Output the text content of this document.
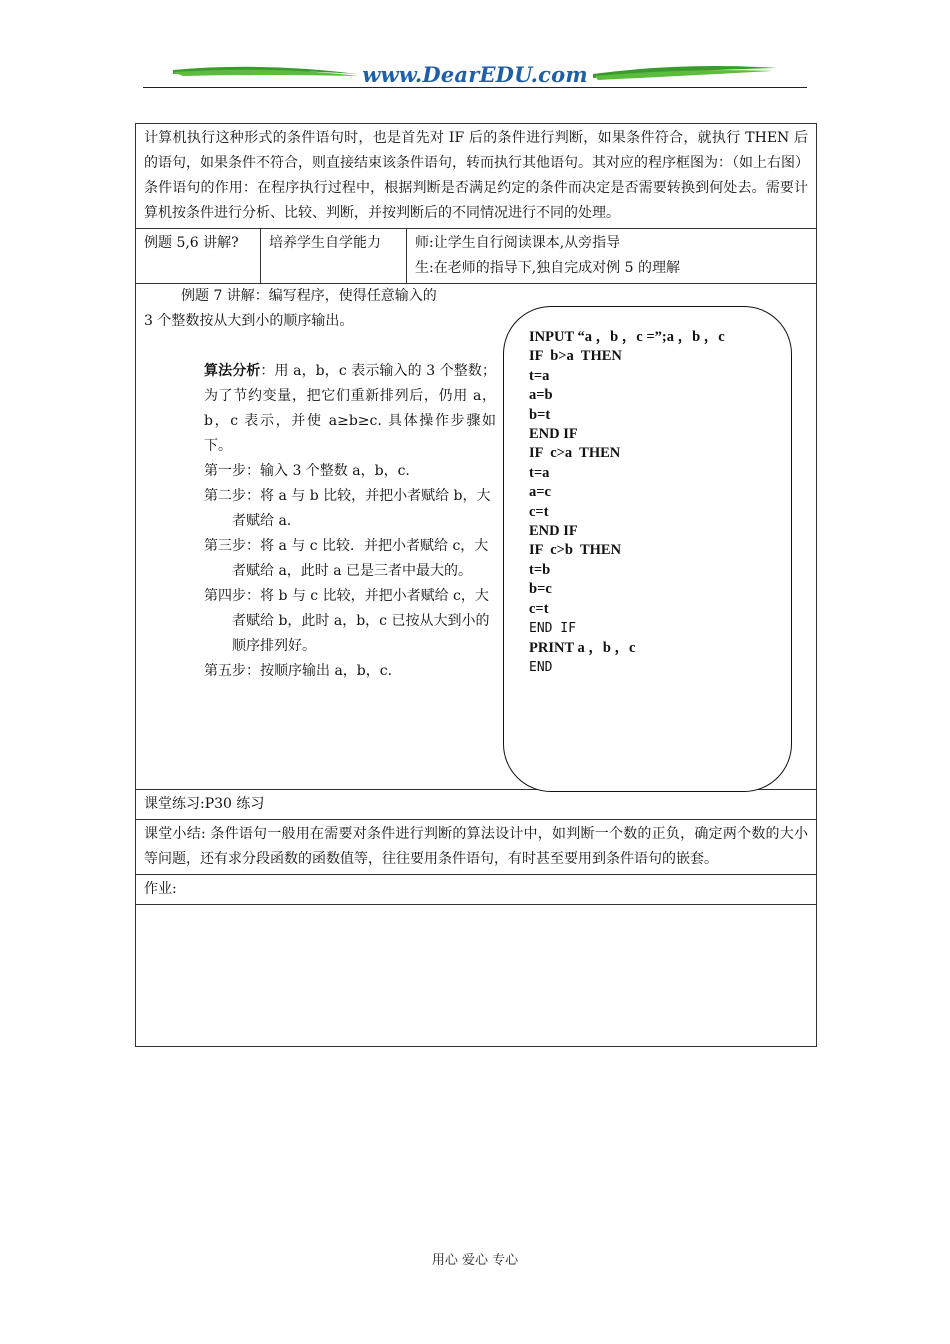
www.DearEDU.com
计算机执行这种形式的条件语句时，也是首先对 IF 后的条件进行判断，如果条件符合，就执行 THEN 后的语句，如果条件不符合，则直接结束该条件语句，转而执行其他语句。其对应的程序框图为：（如上右图）
条件语句的作用：在程序执行过程中，根据判断是否满足约定的条件而决定是否需要转换到何处去。需要计算机按条件进行分析、比较、判断，并按判断后的不同情况进行不同的处理。

例题 5,6 讲解?	培养学生自学能力	师:让学生自行阅读课本,从旁指导
生:在老师的指导下,独自完成对例 5 的理解

例题 7 讲解：编写程序，使得任意输入的
3 个整数按从大到小的顺序输出。

算法分析：用 a，b，c 表示输入的 3 个整数；为了节约变量，把它们重新排列后，仍用 a，b，c 表示，并使 a≥b≥c. 具体操作步骤如下。

第一步：输入 3 个整数 a，b，c.

第二步：将 a 与 b 比较，并把小者赋给 b，大者赋给 a.

第三步：将 a 与 c 比较．并把小者赋给 c，大者赋给 a，此时 a 已是三者中最大的。

第四步：将 b 与 c 比较，并把小者赋给 c，大者赋给 b，此时 a，b，c 已按从大到小的顺序排列好。

第五步：按顺序输出 a，b，c.

INPUT “a ，b ，c =”;a ，b ，c
IF  b>a  THEN
t=a
a=b
b=t
END IF
IF  c>a  THEN
t=a
a=c
c=t
END IF
IF  c>b  THEN
t=b
b=c
c=t
END IF
PRINT a ，b ，c
END

课堂练习:P30 练习
课堂小结: 条件语句一般用在需要对条件进行判断的算法设计中，如判断一个数的正负，确定两个数的大小等问题，还有求分段函数的函数值等，往往要用条件语句，有时甚至要用到条件语句的嵌套。
作业:

用心 爱心 专心
